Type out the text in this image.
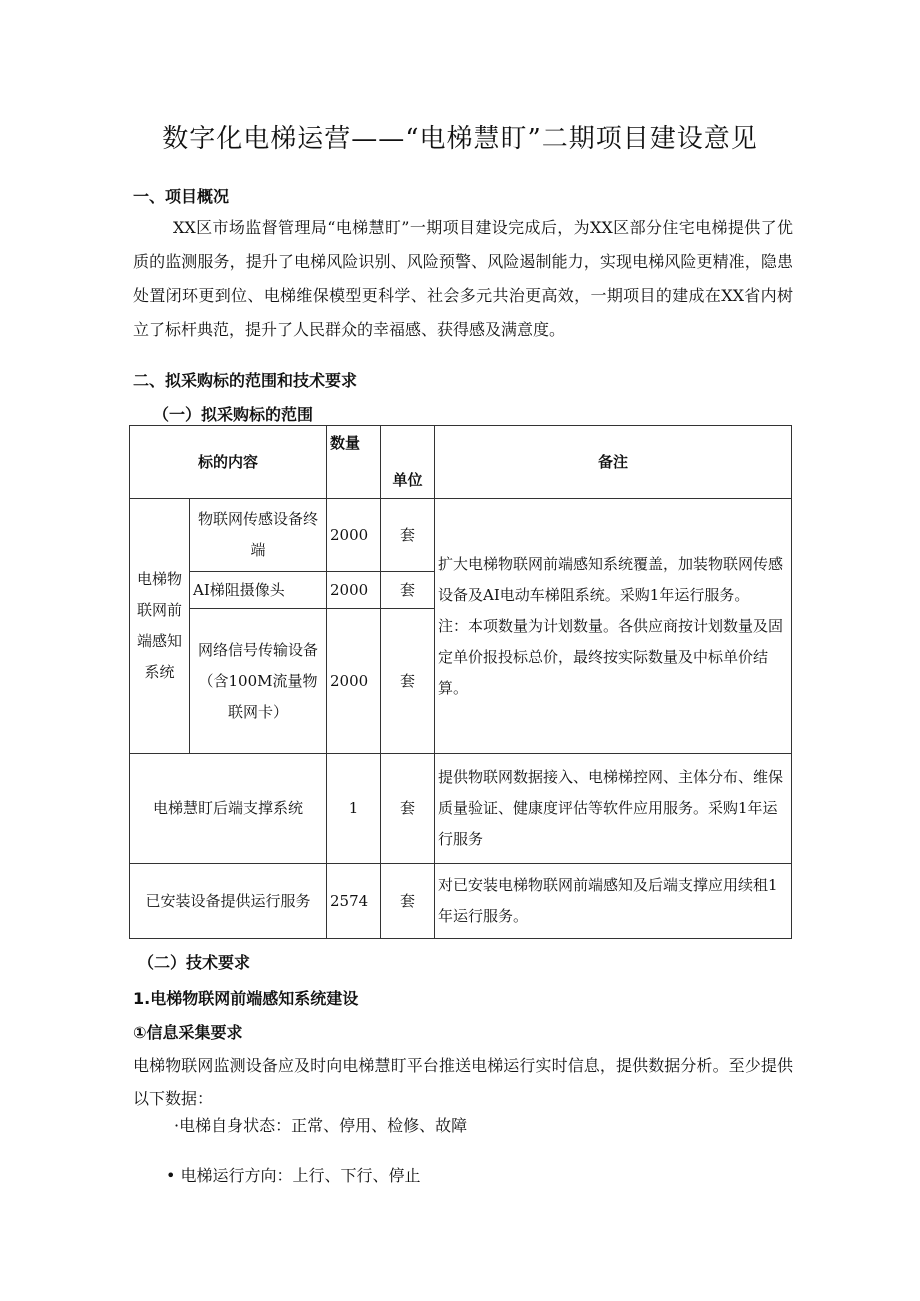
数字化电梯运营——“电梯慧盯”二期项目建设意见
一、项目概况
XX区市场监督管理局“电梯慧盯”一期项目建设完成后，为XX区部分住宅电梯提供了优质的监测服务，提升了电梯风险识别、风险预警、风险遏制能力，实现电梯风险更精准，隐患处置闭环更到位、电梯维保模型更科学、社会多元共治更高效，一期项目的建成在XX省内树立了标杆典范，提升了人民群众的幸福感、获得感及满意度。
二、拟采购标的范围和技术要求
（一）拟采购标的范围
标的内容		数量	单位	备注
电梯物联网前端感知系统	物联网传感设备终端	2000	套	扩大电梯物联网前端感知系统覆盖，加装物联网传感设备及AI电动车梯阻系统。采购1年运行服务。
注：本项数量为计划数量。各供应商按计划数量及固定单价报投标总价，最终按实际数量及中标单价结算。

	AI梯阻摄像头	2000	套	
	网络信号传输设备（含100M流量物联网卡）	2000	套	
电梯慧盯后端支撑系统		1	套	提供物联网数据接入、电梯梯控网、主体分布、维保质量验证、健康度评估等软件应用服务。采购1年运行服务
已安装设备提供运行服务		2574	套	对已安装电梯物联网前端感知及后端支撑应用续租1年运行服务。
（二）技术要求
1.电梯物联网前端感知系统建设
①信息采集要求
电梯物联网监测设备应及时向电梯慧盯平台推送电梯运行实时信息，提供数据分析。至少提供以下数据：
·电梯自身状态：正常、停用、检修、故障
• 电梯运行方向：上行、下行、停止
